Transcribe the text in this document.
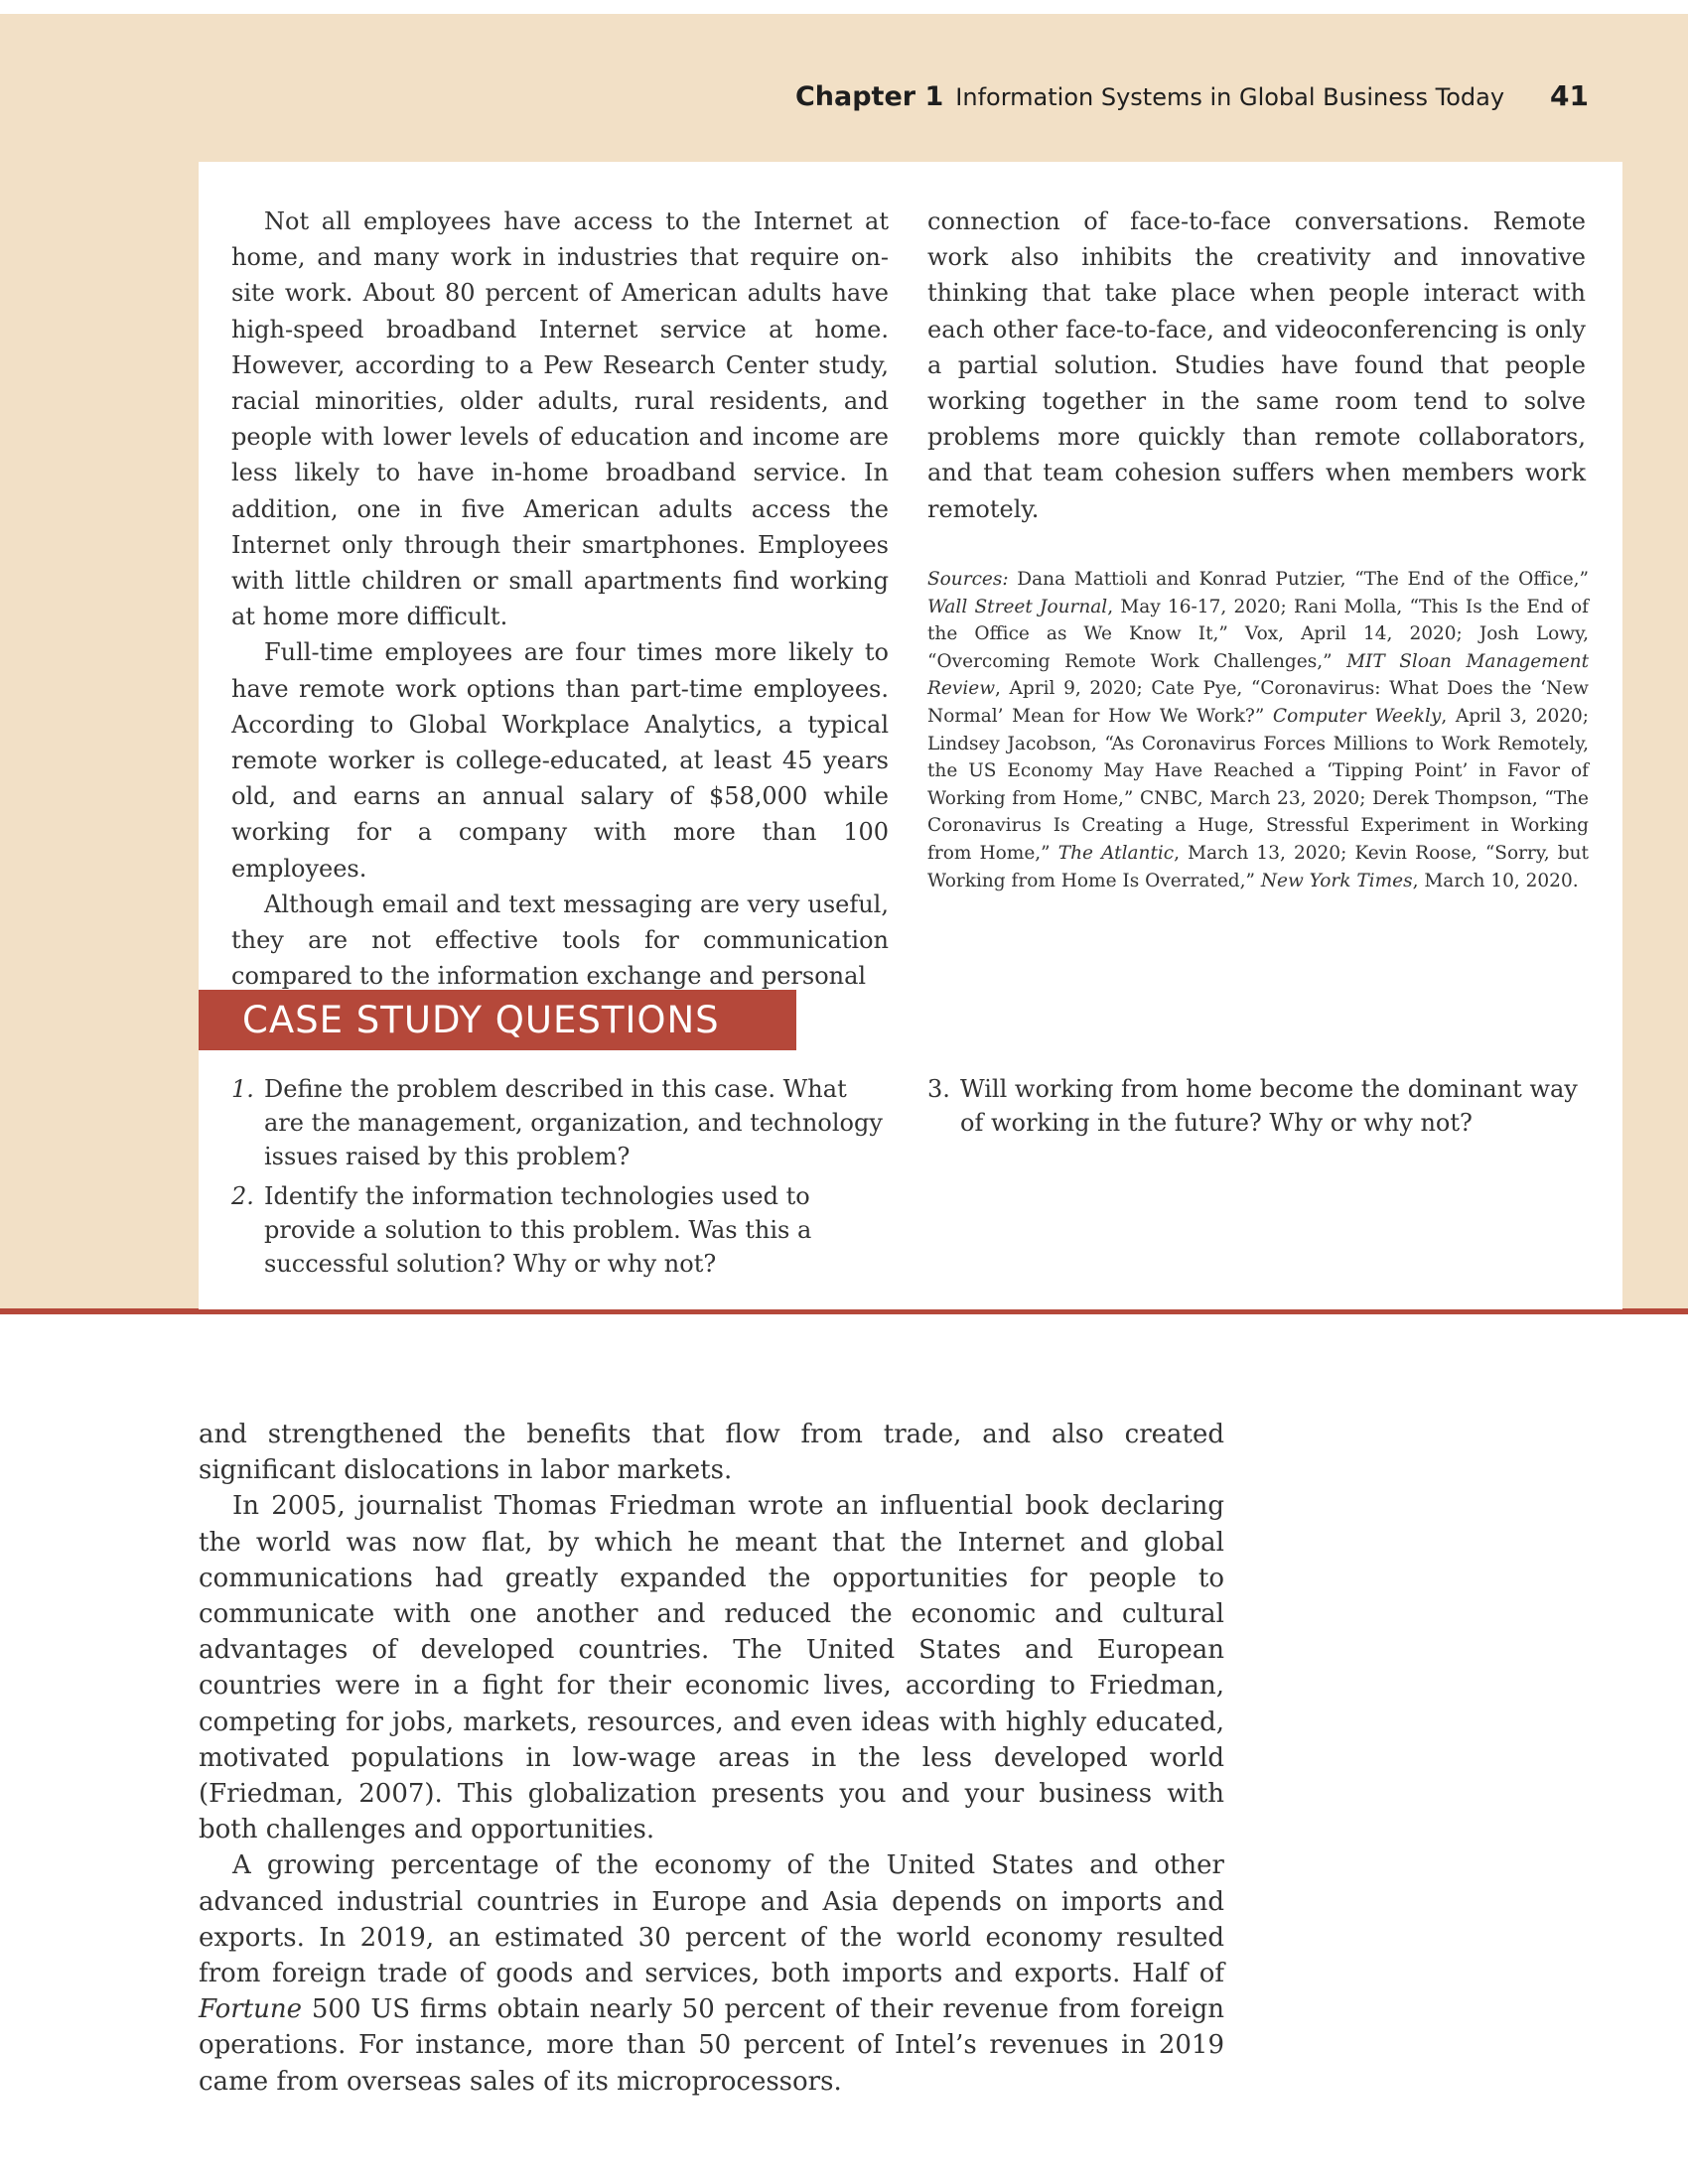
Chapter 1 Information Systems in Global Business Today 41

Not all employees have access to the Internet at home, and many work in industries that require on-site work. About 80 percent of American adults have high-speed broadband Internet service at home. However, according to a Pew Research Center study, racial minorities, older adults, rural residents, and people with lower levels of education and income are less likely to have in-home broadband service. In addition, one in five American adults access the Internet only through their smartphones. Employees with little children or small apartments find working at home more difficult.

Full-time employees are four times more likely to have remote work options than part-time employees. According to Global Workplace Analytics, a typical remote worker is college-educated, at least 45 years old, and earns an annual salary of $58,000 while working for a company with more than 100 employees.

Although email and text messaging are very useful, they are not effective tools for communication compared to the information exchange and personal

connection of face-to-face conversations. Remote work also inhibits the creativity and innovative thinking that take place when people interact with each other face-to-face, and videoconferencing is only a partial solution. Studies have found that people working together in the same room tend to solve problems more quickly than remote collaborators, and that team cohesion suffers when members work remotely.

Sources: Dana Mattioli and Konrad Putzier, “The End of the Office,” Wall Street Journal, May 16-17, 2020; Rani Molla, “This Is the End of the Office as We Know It,” Vox, April 14, 2020; Josh Lowy, “Overcoming Remote Work Challenges,” MIT Sloan Management Review, April 9, 2020; Cate Pye, “Coronavirus: What Does the ‘New Normal’ Mean for How We Work?” Computer Weekly, April 3, 2020; Lindsey Jacobson, “As Coronavirus Forces Millions to Work Remotely, the US Economy May Have Reached a ‘Tipping Point’ in Favor of Working from Home,” CNBC, March 23, 2020; Derek Thompson, “The Coronavirus Is Creating a Huge, Stressful Experiment in Working from Home,” The Atlantic, March 13, 2020; Kevin Roose, “Sorry, but Working from Home Is Overrated,” New York Times, March 10, 2020.
CASE STUDY QUESTIONS
1. Define the problem described in this case. What are the management, organization, and technology issues raised by this problem?
2. Identify the information technologies used to provide a solution to this problem. Was this a successful solution? Why or why not?
3. Will working from home become the dominant way of working in the future? Why or why not?

and strengthened the benefits that flow from trade, and also created significant dislocations in labor markets.

In 2005, journalist Thomas Friedman wrote an influential book declaring the world was now flat, by which he meant that the Internet and global communications had greatly expanded the opportunities for people to communicate with one another and reduced the economic and cultural advantages of developed countries. The United States and European countries were in a fight for their economic lives, according to Friedman, competing for jobs, markets, resources, and even ideas with highly educated, motivated populations in low-wage areas in the less developed world (Friedman, 2007). This globalization presents you and your business with both challenges and opportunities.

A growing percentage of the economy of the United States and other advanced industrial countries in Europe and Asia depends on imports and exports. In 2019, an estimated 30 percent of the world economy resulted from foreign trade of goods and services, both imports and exports. Half of Fortune 500 US firms obtain nearly 50 percent of their revenue from foreign operations. For instance, more than 50 percent of Intel’s revenues in 2019 came from overseas sales of its microprocessors.
